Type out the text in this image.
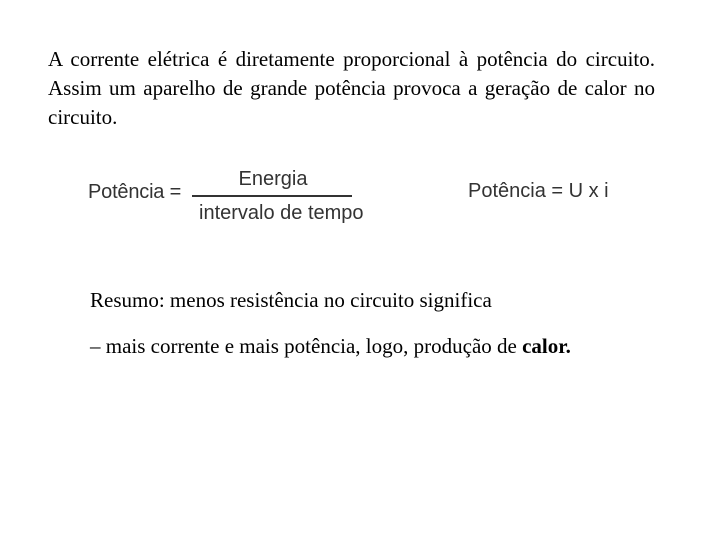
A corrente elétrica é diretamente proporcional à potência do circuito. Assim um aparelho de grande potência provoca a geração de calor no circuito.

Potência =
Energia
intervalo de tempo
Potência = U x i

Resumo: menos resistência no circuito significa

– mais corrente e mais potência, logo, produção de calor.
